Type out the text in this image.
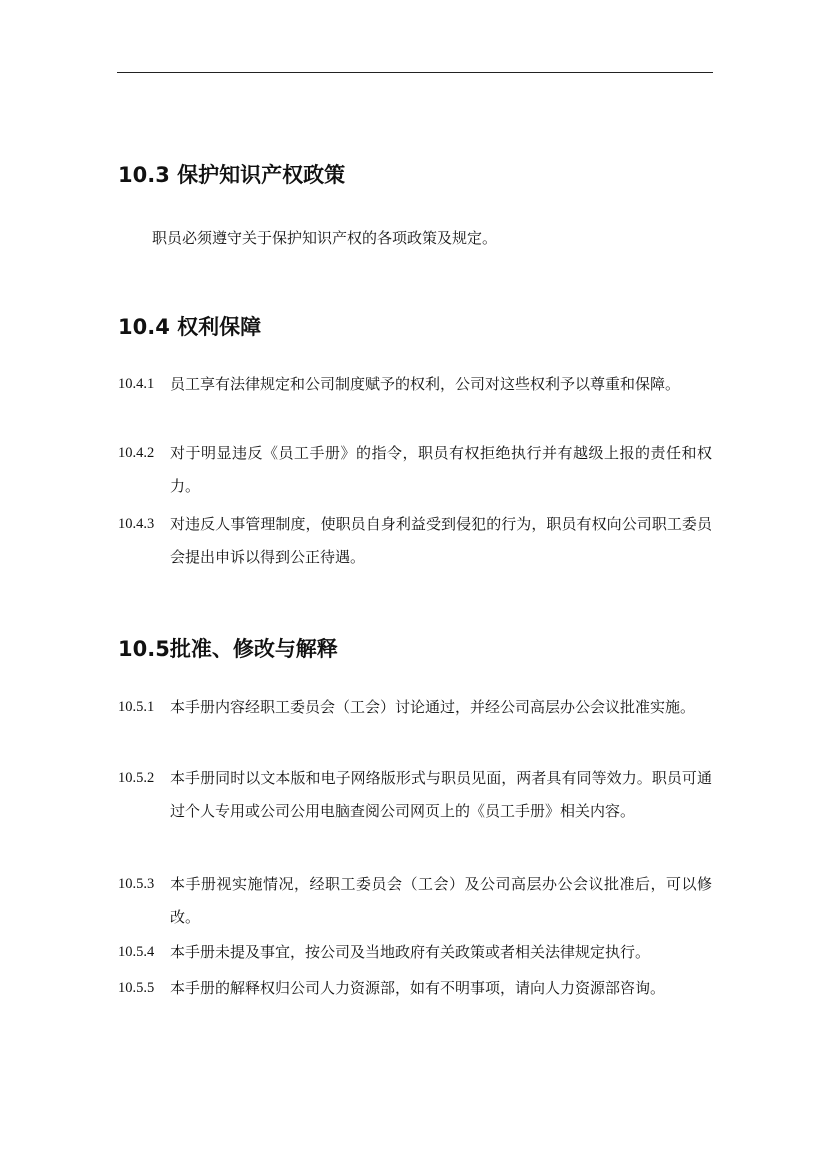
10.3 保护知识产权政策

职员必须遵守关于保护知识产权的各项政策及规定。

10.4 权利保障
10.4.1 员工享有法律规定和公司制度赋予的权利，公司对这些权利予以尊重和保障。

10.4.2 对于明显违反《员工手册》的指令，职员有权拒绝执行并有越级上报的责任和权力。

10.4.3 对违反人事管理制度，使职员自身利益受到侵犯的行为，职员有权向公司职工委员会提出申诉以得到公正待遇。

10.5批准、修改与解释
10.5.1 本手册内容经职工委员会（工会）讨论通过，并经公司高层办公会议批准实施。

10.5.2 本手册同时以文本版和电子网络版形式与职员见面，两者具有同等效力。职员可通过个人专用或公司公用电脑查阅公司网页上的《员工手册》相关内容。

10.5.3 本手册视实施情况，经职工委员会（工会）及公司高层办公会议批准后，可以修改。

10.5.4 本手册未提及事宜，按公司及当地政府有关政策或者相关法律规定执行。

10.5.5 本手册的解释权归公司人力资源部，如有不明事项，请向人力资源部咨询。
